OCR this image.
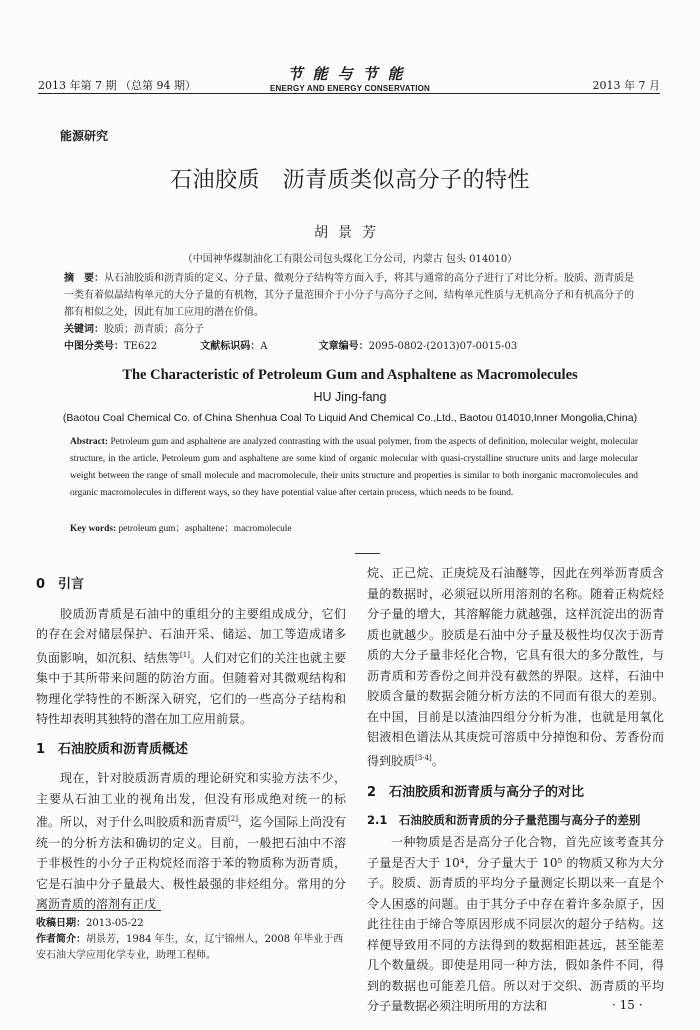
2013 年第 7 期 （总第 94 期）
节能与节能
ENERGY AND ENERGY CONSERVATION	2013 年 7 月
能源研究
石油胶质　沥青质类似高分子的特性
胡景芳
（中国神华煤制油化工有限公司包头煤化工分公司，内蒙古 包头 014010）
摘　要：从石油胶质和沥青质的定义、分子量、微观分子结构等方面入手，将其与通常的高分子进行了对比分析。胶质、沥青质是一类有着似晶结构单元的大分子量的有机物，其分子量范围介于小分子与高分子之间，结构单元性质与无机高分子和有机高分子的都有相似之处，因此有加工应用的潜在价值。
关键词：胶质；沥青质；高分子
中图分类号：TE622	文献标识码：A	文章编号：2095-0802-(2013)07-0015-03
The Characteristic of Petroleum Gum and Asphaltene as Macromolecules
HU Jing-fang
(Baotou Coal Chemical Co. of China Shenhua Coal To Liquid And Chemical Co.,Ltd., Baotou 014010,Inner Mongolia,China)
Abstract: Petroleum gum and asphaltene are analyzed contrasting with the usual polymer, from the aspects of definition, molecular weight, molecular structure, in the article. Petroleum gum and asphaltene are some kind of organic molecular with quasi-crystalline structure units and large molecular weight between the range of small molecule and macromolecule, their units structure and properties is similar to both inorganic macromolecules and organic macromolecules in different ways, so they have potential value after certain process, which needs to be found.
Key words: petroleum gum；asphaltene；macromolecule
0　引言

胶质沥青质是石油中的重组分的主要组成成分，它们的存在会对储层保护、石油开采、储运、加工等造成诸多负面影响，如沉积、结焦等[1]。人们对它们的关注也就主要集中于其所带来问题的防治方面。但随着对其微观结构和物理化学特性的不断深入研究，它们的一些高分子结构和特性却表明其独特的潜在加工应用前景。

1　石油胶质和沥青质概述

现在，针对胶质沥青质的理论研究和实验方法不少，主要从石油工业的视角出发，但没有形成绝对统一的标准。所以，对于什么叫胶质和沥青质[2]，迄今国际上尚没有统一的分析方法和确切的定义。目前，一般把石油中不溶于非极性的小分子正构烷烃而溶于苯的物质称为沥青质，它是石油中分子量最大、极性最强的非烃组分。常用的分离沥青质的溶剂有正戊

收稿日期：2013-05-22
作者简介：胡景芳，1984 年生，女，辽宁锦州人，2008 年毕业于西安石油大学应用化学专业，助理工程师。

烷、正己烷、正庚烷及石油醚等，因此在列举沥青质含量的数据时，必须冠以所用溶剂的名称。随着正构烷烃分子量的增大，其溶解能力就越强，这样沉淀出的沥青质也就越少。胶质是石油中分子量及极性均仅次于沥青质的大分子量非烃化合物，它具有很大的多分散性，与沥青质和芳香份之间并没有截然的界限。这样，石油中胶质含量的数据会随分析方法的不同而有很大的差别。在中国，目前是以渣油四组分分析为准，也就是用氧化铝液相色谱法从其庚烷可溶质中分掉饱和份、芳香份而得到胶质[3-4]。

2　石油胶质和沥青质与高分子的对比
2.1　石油胶质和沥青质的分子量范围与高分子的差别

一种物质是否是高分子化合物，首先应该考查其分子量是否大于 10⁴，分子量大于 10⁵ 的物质又称为大分子。胶质、沥青质的平均分子量测定长期以来一直是个令人困惑的问题。由于其分子中存在着许多杂原子，因此往往由于缔合等原因形成不同层次的超分子结构。这样便导致用不同的方法得到的数据相距甚远，甚至能差几个数量级。即使是用同一种方法，假如条件不同，得到的数据也可能差几倍。所以对于交织、沥青质的平均分子量数据必须注明所用的方法和	· 15 ·
